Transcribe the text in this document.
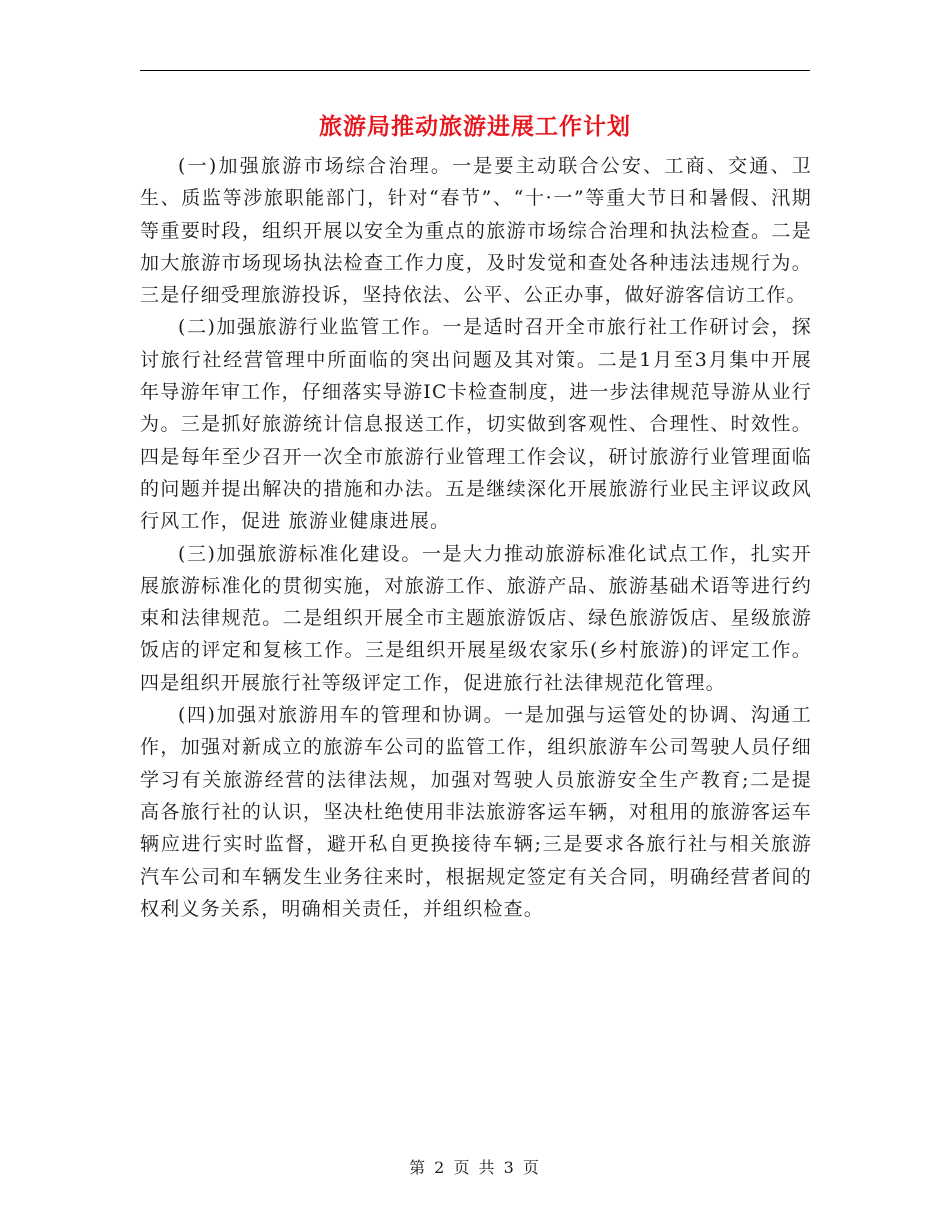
旅游局推动旅游进展工作计划

(一)加强旅游市场综合治理。一是要主动联合公安、工商、交通、卫生、质监等涉旅职能部门，针对“春节”、“十·一”等重大节日和暑假、汛期等重要时段，组织开展以安全为重点的旅游市场综合治理和执法检查。二是加大旅游市场现场执法检查工作力度，及时发觉和查处各种违法违规行为。三是仔细受理旅游投诉，坚持依法、公平、公正办事，做好游客信访工作。

(二)加强旅游行业监管工作。一是适时召开全市旅行社工作研讨会，探讨旅行社经营管理中所面临的突出问题及其对策。二是1月至3月集中开展 年导游年审工作，仔细落实导游IC卡检查制度，进一步法律规范导游从业行为。三是抓好旅游统计信息报送工作，切实做到客观性、合理性、时效性。四是每年至少召开一次全市旅游行业管理工作会议，研讨旅游行业管理面临的问题并提出解决的措施和办法。五是继续深化开展旅游行业民主评议政风行风工作，促进 旅游业健康进展。

(三)加强旅游标准化建设。一是大力推动旅游标准化试点工作，扎实开展旅游标准化的贯彻实施，对旅游工作、旅游产品、旅游基础术语等进行约束和法律规范。二是组织开展全市主题旅游饭店、绿色旅游饭店、星级旅游饭店的评定和复核工作。三是组织开展星级农家乐(乡村旅游)的评定工作。四是组织开展旅行社等级评定工作，促进旅行社法律规范化管理。

(四)加强对旅游用车的管理和协调。一是加强与运管处的协调、沟通工作，加强对新成立的旅游车公司的监管工作，组织旅游车公司驾驶人员仔细学习有关旅游经营的法律法规，加强对驾驶人员旅游安全生产教育;二是提高各旅行社的认识，坚决杜绝使用非法旅游客运车辆，对租用的旅游客运车辆应进行实时监督，避开私自更换接待车辆;三是要求各旅行社与相关旅游汽车公司和车辆发生业务往来时，根据规定签定有关合同，明确经营者间的权利义务关系，明确相关责任，并组织检查。

第 2 页 共 3 页
